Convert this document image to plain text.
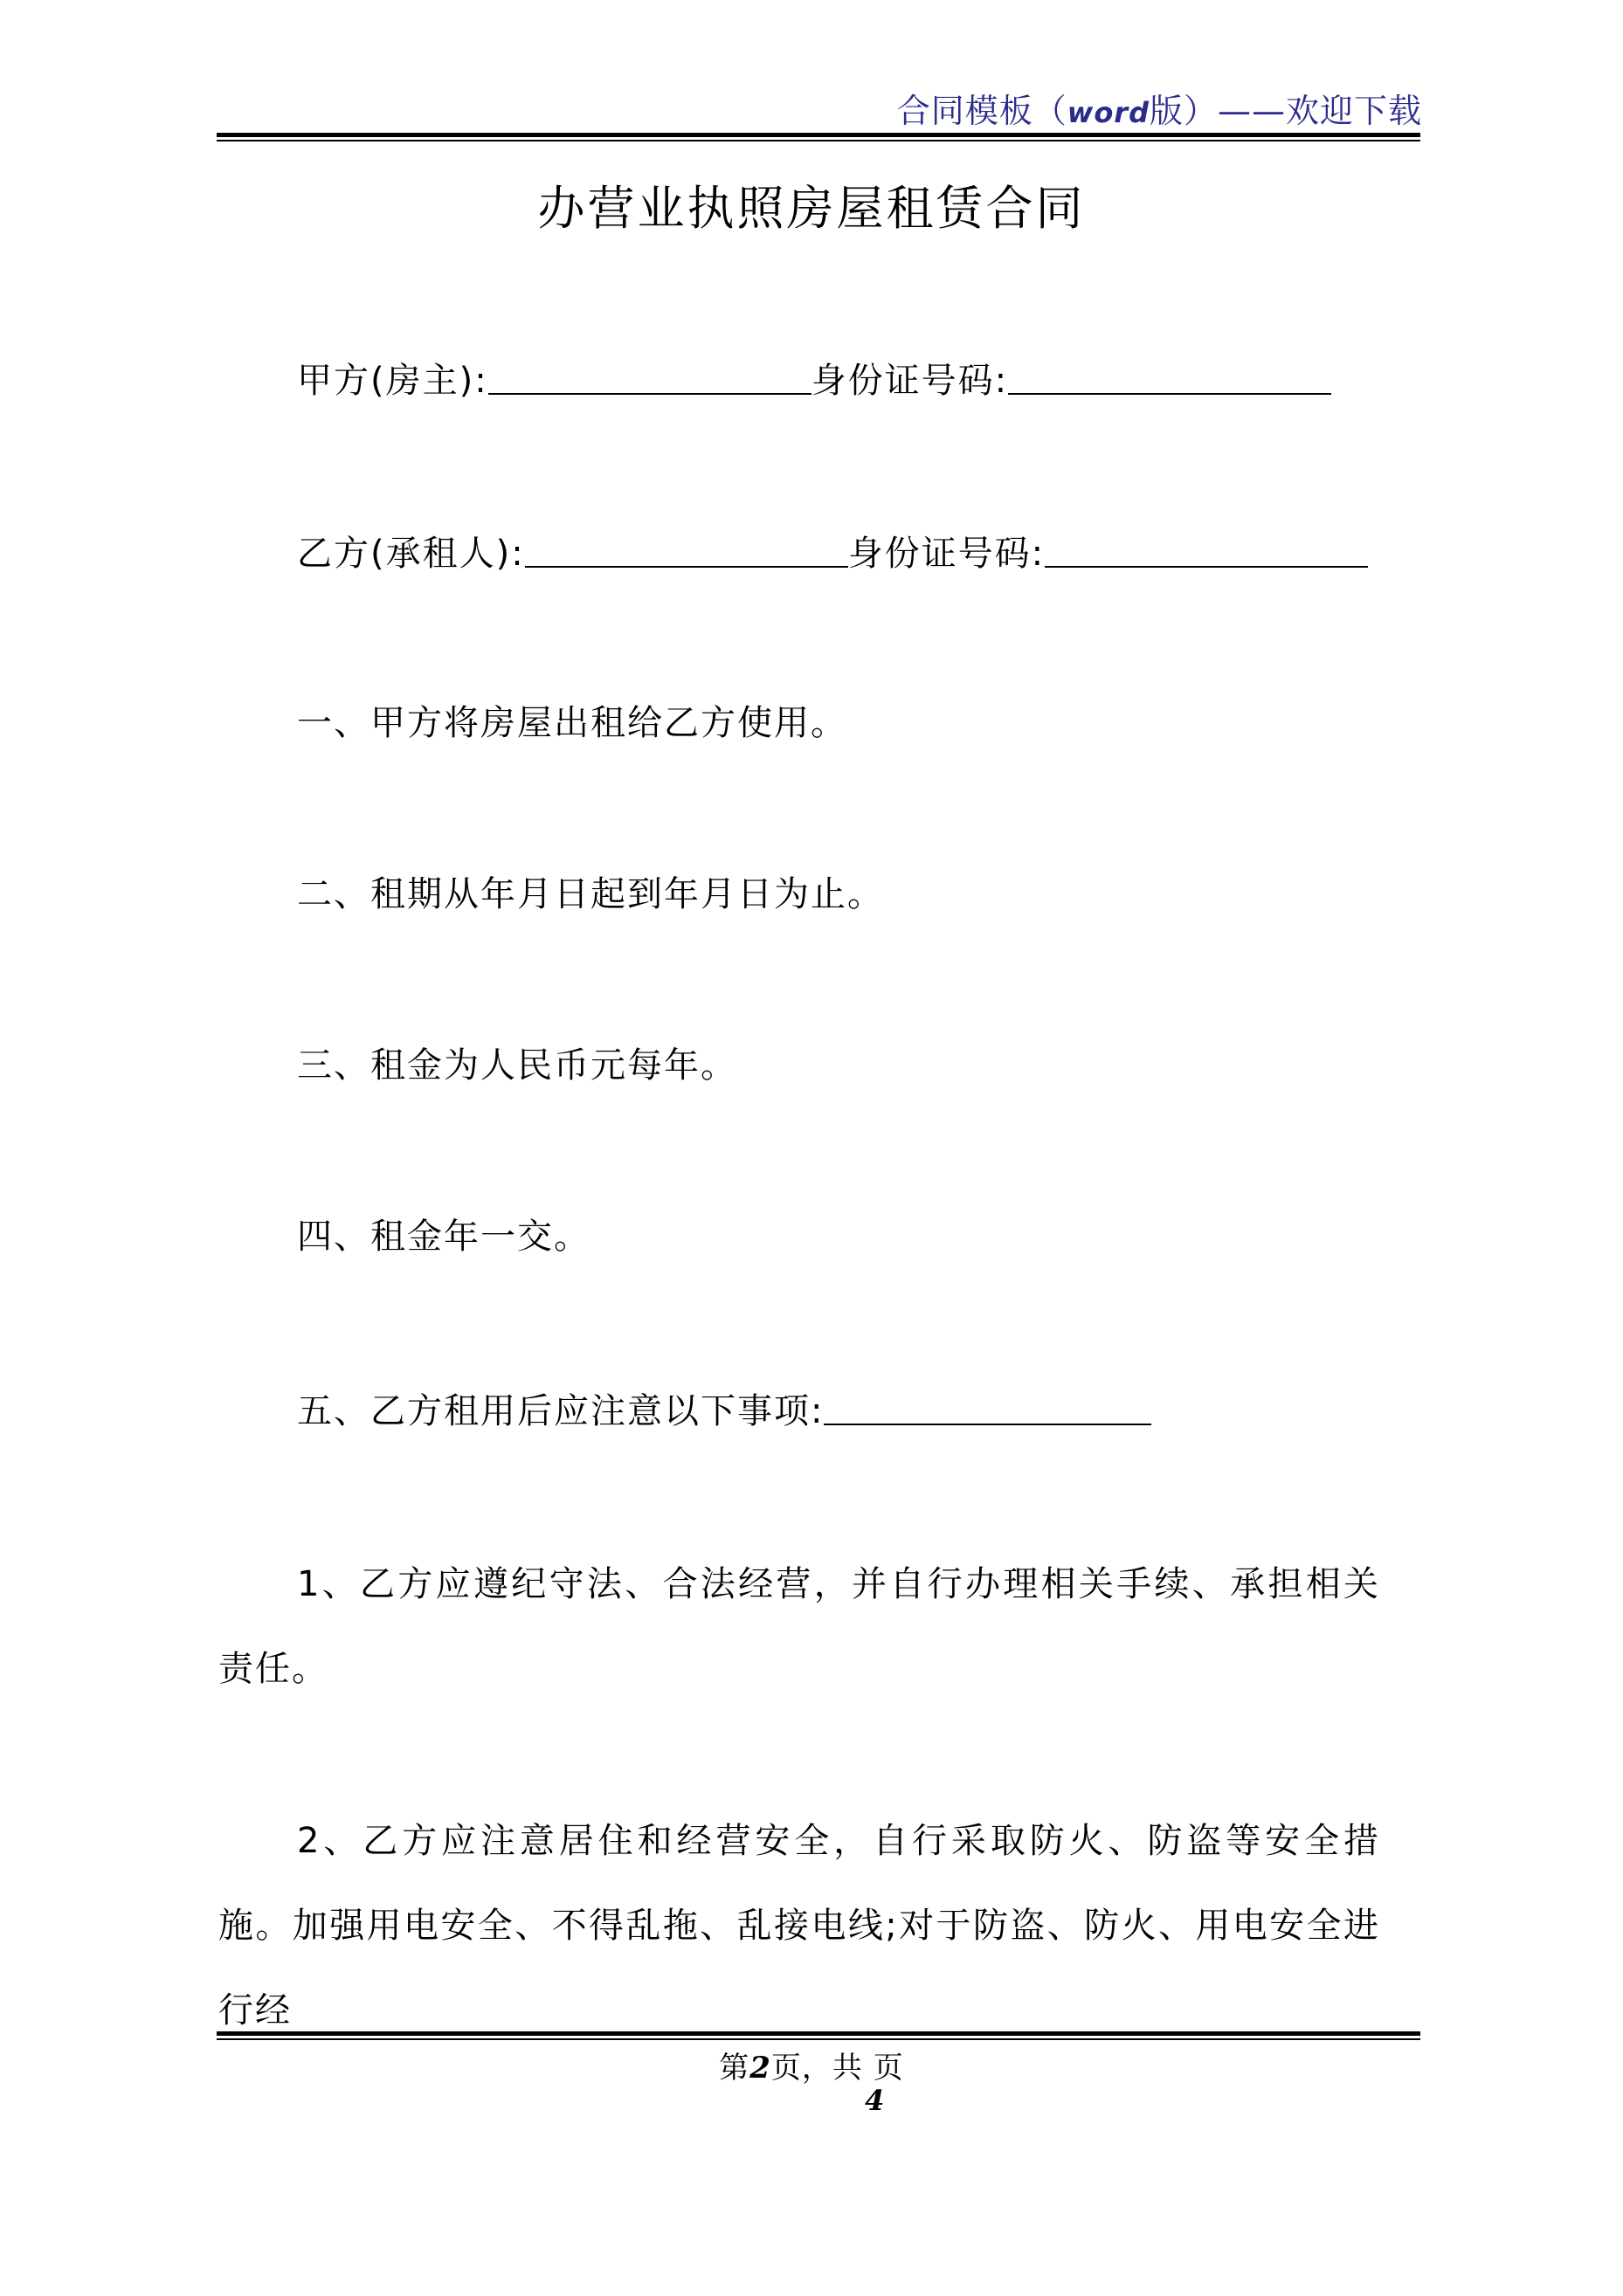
合同模板（word版）——欢迎下载
办营业执照房屋租赁合同
甲方(房主):	身份证号码:
乙方(承租人):	身份证号码:
一、甲方将房屋出租给乙方使用。
二、租期从年月日起到年月日为止。
三、租金为人民币元每年。
四、租金年一交。
五、乙方租用后应注意以下事项:
1、乙方应遵纪守法、合法经营，并自行办理相关手续、承担相关责任。
2、乙方应注意居住和经营安全，自行采取防火、防盗等安全措施。加强用电安全、不得乱拖、乱接电线;对于防盗、防火、用电安全进行经
第2页，共 页
4
